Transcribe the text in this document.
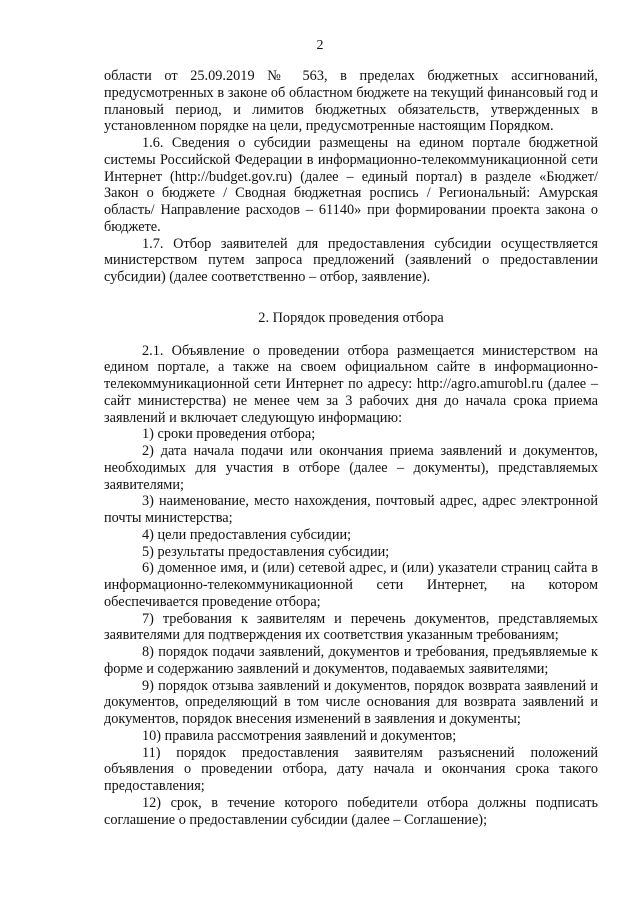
2

области от 25.09.2019 № 563, в пределах бюджетных ассигнований, предусмотренных в законе об областном бюджете на текущий финансовый год и плановый период, и лимитов бюджетных обязательств, утвержденных в установленном порядке на цели, предусмотренные настоящим Порядком.

1.6. Сведения о субсидии размещены на едином портале бюджетной системы Российской Федерации в информационно-телекоммуникационной сети Интернет (http://budget.gov.ru) (далее – единый портал) в разделе «Бюджет/ Закон о бюджете / Сводная бюджетная роспись / Региональный: Амурская область/ Направление расходов – 61140» при формировании проекта закона о бюджете.

1.7. Отбор заявителей для предоставления субсидии осуществляется министерством путем запроса предложений (заявлений о предоставлении субсидии) (далее соответственно – отбор, заявление).

2. Порядок проведения отбора

2.1. Объявление о проведении отбора размещается министерством на едином портале, а также на своем официальном сайте в информационно-телекоммуникационной сети Интернет по адресу: http://agro.amurobl.ru (далее – сайт министерства) не менее чем за 3 рабочих дня до начала срока приема заявлений и включает следующую информацию:

1) сроки проведения отбора;

2) дата начала подачи или окончания приема заявлений и документов, необходимых для участия в отборе (далее – документы), представляемых заявителями;

3) наименование, место нахождения, почтовый адрес, адрес электронной почты министерства;

4) цели предоставления субсидии;

5) результаты предоставления субсидии;

6) доменное имя, и (или) сетевой адрес, и (или) указатели страниц сайта в информационно-телекоммуникационной сети Интернет, на котором обеспечивается проведение отбора;

7) требования к заявителям и перечень документов, представляемых заявителями для подтверждения их соответствия указанным требованиям;

8) порядок подачи заявлений, документов и требования, предъявляемые к форме и содержанию заявлений и документов, подаваемых заявителями;

9) порядок отзыва заявлений и документов, порядок возврата заявлений и документов, определяющий в том числе основания для возврата заявлений и документов, порядок внесения изменений в заявления и документы;

10) правила рассмотрения заявлений и документов;

11) порядок предоставления заявителям разъяснений положений объявления о проведении отбора, дату начала и окончания срока такого предоставления;

12) срок, в течение которого победители отбора должны подписать соглашение о предоставлении субсидии (далее – Соглашение);
